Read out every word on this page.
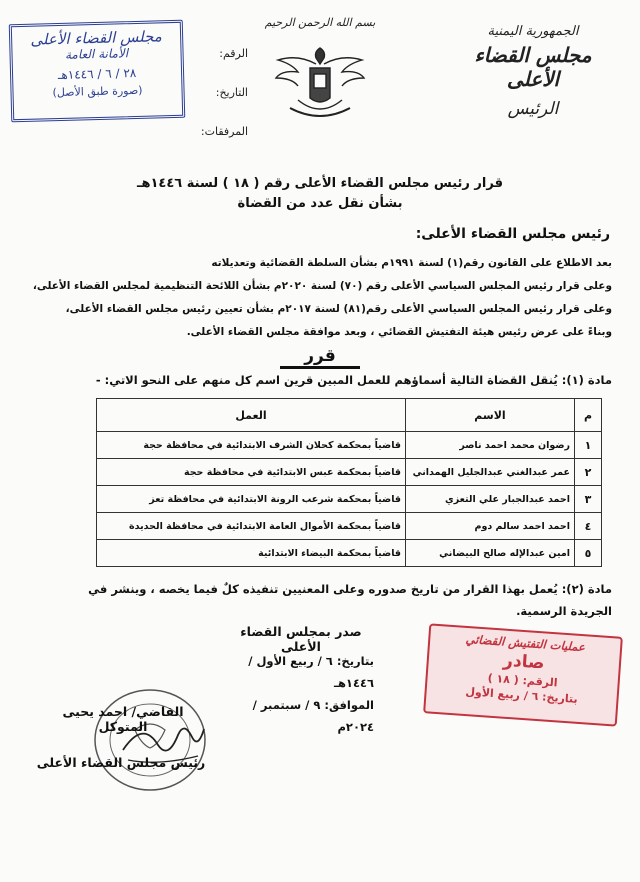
الجمهورية اليمنية
مجلس القضاء الأعلى
الرئيس
بسم الله الرحمن الرحيم
الرقم:
التاريخ:
المرفقات:
مجلس القضاء الأعلى
الأمانة العامة
٢٨ / ٦ / ١٤٤٦هـ
(صورة طبق الأصل)
قرار رئيس مجلس القضاء الأعلى رقم ( ١٨ ) لسنة ١٤٤٦هـ
بشأن نقل عدد من القضاة
رئيس مجلس القضاء الأعلى:

بعد الاطلاع على القانون رقم(١) لسنة ١٩٩١م بشأن السلطة القضائية وتعديلاته

وعلى قرار رئيس المجلس السياسي الأعلى رقم (٧٠) لسنة ٢٠٢٠م بشأن اللائحة التنظيمية لمجلس القضاء الأعلى،

وعلى قرار رئيس المجلس السياسي الأعلى رقم(٨١) لسنة ٢٠١٧م بشأن تعيين رئيس مجلس القضاء الأعلى،

وبناءً على عرض رئيس هيئة التفتيش القضائي ، وبعد موافقة مجلس القضاء الأعلى.

قرر
مادة (١): يُنقل القضاة التالية أسماؤهم للعمل المبين قرين اسم كل منهم على النحو الاتي: -
م	الاسم	العمل
١	رضوان محمد احمد ناصر	قاضياً بمحكمة كحلان الشرف الابتدائية في محافظة حجة
٢	عمر عبدالغني عبدالجليل الهمداني	قاضياً بمحكمة عبس الابتدائية في محافظة حجة
٣	احمد عبدالجبار علي التعزي	قاضياً بمحكمة شرعب الرونة الابتدائية في محافظة تعز
٤	احمد احمد سالم دوم	قاضياً بمحكمة الأموال العامة الابتدائية في محافظة الحديدة
٥	امين عبدالإله صالح البيضاني	قاضياً بمحكمة البيضاء الابتدائية
مادة (٢): يُعمل بهذا القرار من تاريخ صدوره وعلى المعنيين تنفيذه كلٌ فيما يخصه ، وينشر في
الجريدة الرسمية.
صدر بمجلس القضاء الأعلى
بتاريخ: ٦ / ربيع الأول / ١٤٤٦هـ
الموافق: ٩ / سبتمبر / ٢٠٢٤م
القاضي/ احمد يحيى المتوكل
رئيس مجلس القضاء الأعلى
عمليات التفتيش القضائي
صادر
الرقم: ( ١٨ )
بتاريخ: ٦ / ربيع الأول
